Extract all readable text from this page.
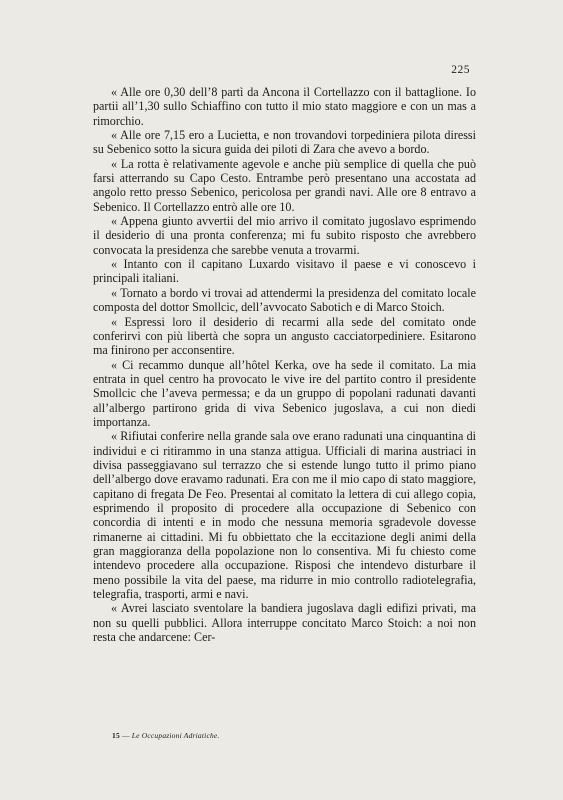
225

« Alle ore 0,30 dell’8 partì da Ancona il Cortellazzo con il battaglione. Io partii all’1,30 sullo Schiaffino con tutto il mio stato maggiore e con un mas a rimorchio.

« Alle ore 7,15 ero a Lucietta, e non trovandovi torpediniera pilota diressi su Sebenico sotto la sicura guida dei piloti di Zara che avevo a bordo.

« La rotta è relativamente agevole e anche più semplice di quella che può farsi atterrando su Capo Cesto. Entrambe però presentano una accostata ad angolo retto presso Sebenico, pericolosa per grandi navi. Alle ore 8 entravo a Sebenico. Il Cortellazzo entrò alle ore 10.

« Appena giunto avvertii del mio arrivo il comitato jugoslavo esprimendo il desiderio di una pronta conferenza; mi fu subito risposto che avrebbero convocata la presidenza che sarebbe venuta a trovarmi.

« Intanto con il capitano Luxardo visitavo il paese e vi conoscevo i principali italiani.

« Tornato a bordo vi trovai ad attendermi la presidenza del comitato locale composta del dottor Smollcic, dell’avvocato Sabotich e di Marco Stoich.

« Espressi loro il desiderio di recarmi alla sede del comitato onde conferirvi con più libertà che sopra un angusto cacciatorpediniere. Esitarono ma finirono per acconsentire.

« Ci recammo dunque all’hôtel Kerka, ove ha sede il comitato. La mia entrata in quel centro ha provocato le vive ire del partito contro il presidente Smollcic che l’aveva permessa; e da un gruppo di popolani radunati davanti all’albergo partirono grida di viva Sebenico jugoslava, a cui non diedi importanza.

« Rifiutai conferire nella grande sala ove erano radunati una cinquantina di individui e ci ritirammo in una stanza attigua. Ufficiali di marina austriaci in divisa passeggiavano sul terrazzo che si estende lungo tutto il primo piano dell’albergo dove eravamo radunati. Era con me il mio capo di stato maggiore, capitano di fregata De Feo. Presentai al comitato la lettera di cui allego copia, esprimendo il proposito di procedere alla occupazione di Sebenico con concordia di intenti e in modo che nessuna memoria sgradevole dovesse rimanerne ai cittadini. Mi fu obbiettato che la eccitazione degli animi della gran maggioranza della popolazione non lo consentiva. Mi fu chiesto come intendevo procedere alla occupazione. Risposi che intendevo disturbare il meno possibile la vita del paese, ma ridurre in mio controllo radiotelegrafia, telegrafia, trasporti, armi e navi.

« Avrei lasciato sventolare la bandiera jugoslava dagli edifizi privati, ma non su quelli pubblici. Allora interruppe concitato Marco Stoich: a noi non resta che andarcene: Cer-

15 — Le Occupazioni Adriatiche.
